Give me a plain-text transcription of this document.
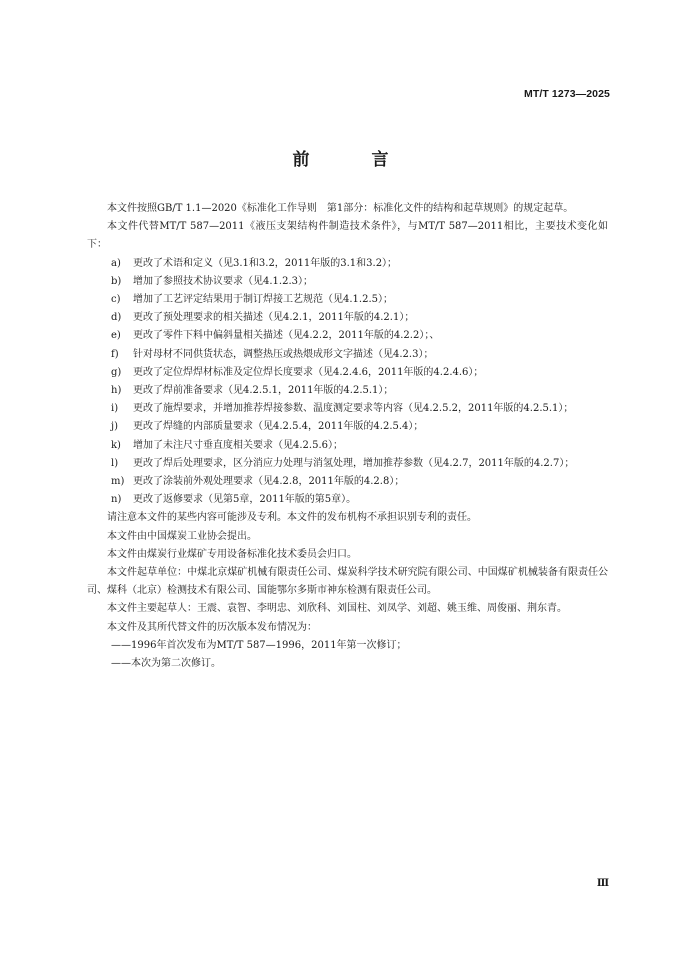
MT/T 1273—2025
前 言
本文件按照GB/T 1.1—2020《标准化工作导则　第1部分：标准化文件的结构和起草规则》的规定起草。
本文件代替MT/T 587—2011《液压支架结构件制造技术条件》，与MT/T 587—2011相比，主要技术变化如下：
a)	更改了术语和定义（见3.1和3.2，2011年版的3.1和3.2）；
b)	增加了参照技术协议要求（见4.1.2.3）；
c)	增加了工艺评定结果用于制订焊接工艺规范（见4.1.2.5）；
d)	更改了预处理要求的相关描述（见4.2.1，2011年版的4.2.1）；
e)	更改了零件下料中偏斜量相关描述（见4.2.2，2011年版的4.2.2）；、
f)	针对母材不同供货状态，调整热压或热煨成形文字描述（见4.2.3）；
g)	更改了定位焊焊材标准及定位焊长度要求（见4.2.4.6，2011年版的4.2.4.6）；
h)	更改了焊前准备要求（见4.2.5.1，2011年版的4.2.5.1）；
i)	更改了施焊要求，并增加推荐焊接参数、温度测定要求等内容（见4.2.5.2，2011年版的4.2.5.1）；
j)	更改了焊缝的内部质量要求（见4.2.5.4，2011年版的4.2.5.4）；
k)	增加了未注尺寸垂直度相关要求（见4.2.5.6）；
l)	更改了焊后处理要求，区分消应力处理与消氢处理，增加推荐参数（见4.2.7，2011年版的4.2.7）；
m) 更改了涂装前外观处理要求（见4.2.8，2011年版的4.2.8）；
n)	更改了返修要求（见第5章，2011年版的第5章）。
请注意本文件的某些内容可能涉及专利。本文件的发布机构不承担识别专利的责任。
本文件由中国煤炭工业协会提出。
本文件由煤炭行业煤矿专用设备标准化技术委员会归口。
本文件起草单位：中煤北京煤矿机械有限责任公司、煤炭科学技术研究院有限公司、中国煤矿机械装备有限责任公司、煤科（北京）检测技术有限公司、国能鄂尔多斯市神东检测有限责任公司。
本文件主要起草人：王震、袁智、李明忠、刘欣科、刘国柱、刘凤学、刘超、姚玉维、周俊丽、荆东青。
本文件及其所代替文件的历次版本发布情况为：
——1996年首次发布为MT/T 587—1996，2011年第一次修订；
——本次为第二次修订。
Ⅲ
